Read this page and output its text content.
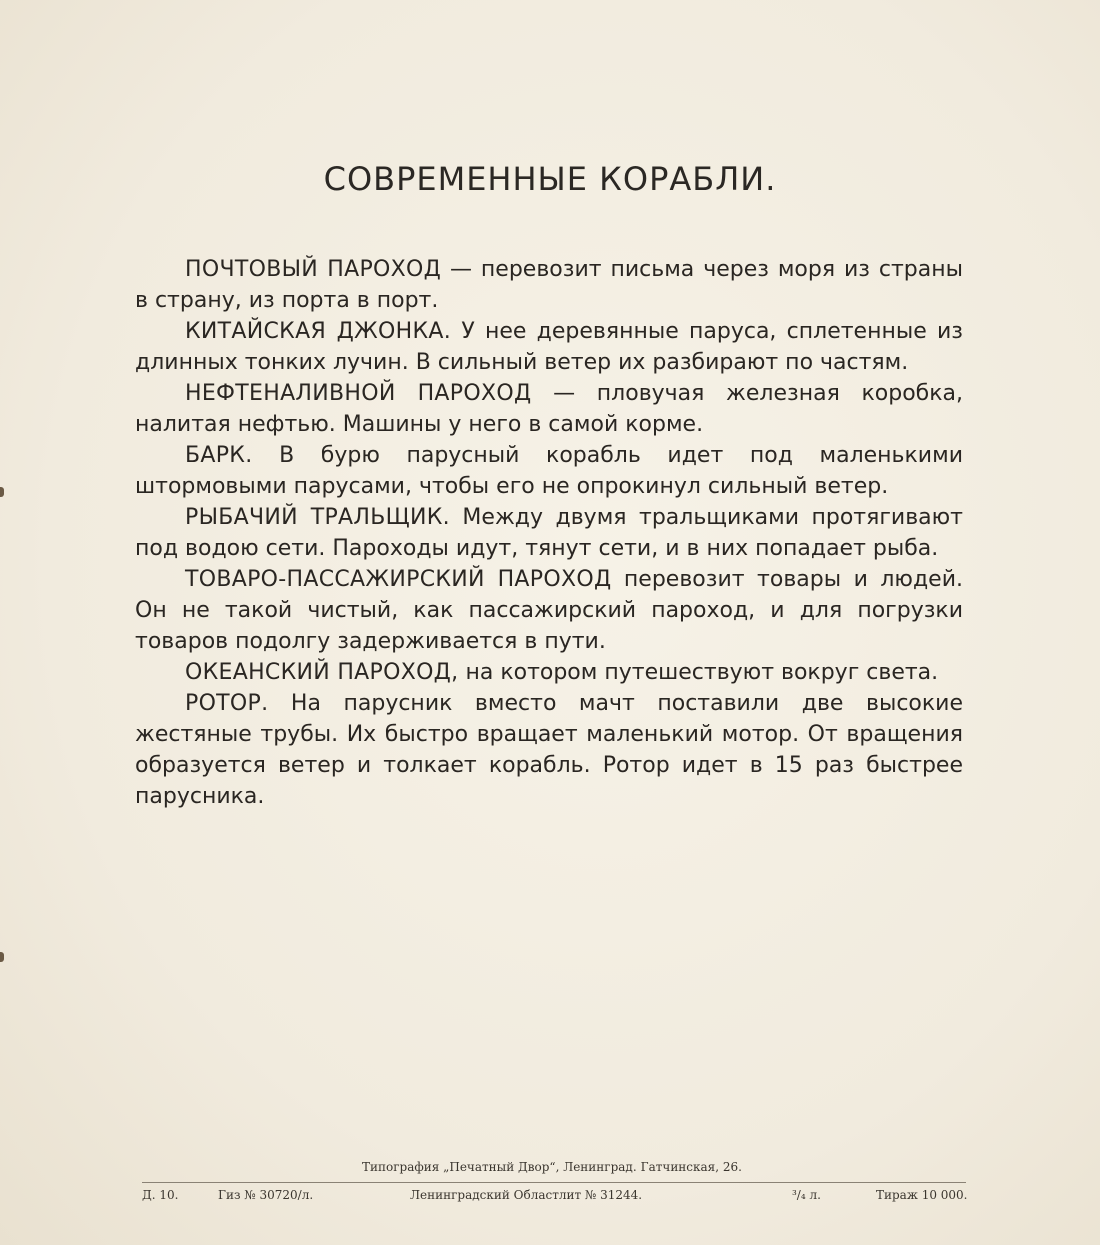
СОВРЕМЕННЫЕ КОРАБЛИ.

ПОЧТОВЫЙ ПАРОХОД — перевозит письма через моря из страны в страну, из порта в порт.

КИТАЙСКАЯ ДЖОНКА. У нее деревянные паруса, сплетенные из длинных тонких лучин. В сильный ветер их разбирают по частям.

НЕФТЕНАЛИВНОЙ ПАРОХОД — пловучая железная коробка, налитая нефтью. Машины у него в самой корме.

БАРК. В бурю парусный корабль идет под маленькими штормовыми парусами, чтобы его не опрокинул сильный ветер.

РЫБАЧИЙ ТРАЛЬЩИК. Между двумя тральщиками протягивают под водою сети. Пароходы идут, тянут сети, и в них попадает рыба.

ТОВАРО-ПАССАЖИРСКИЙ ПАРОХОД перевозит товары и людей. Он не такой чистый, как пассажирский пароход, и для погрузки товаров подолгу задерживается в пути.

ОКЕАНСКИЙ ПАРОХОД, на котором путешествуют вокруг света.

РОТОР. На парусник вместо мачт поставили две высокие жестяные трубы. Их быстро вращает маленький мотор. От вращения образуется ветер и толкает корабль. Ротор идет в 15 раз быстрее парусника.

Типография „Печатный Двор“, Ленинград. Гатчинская, 26.
Д. 10.	Гиз № 30720/л.	Ленинградский Областлит № 31244.	³/₄ л.	Тираж 10 000.
